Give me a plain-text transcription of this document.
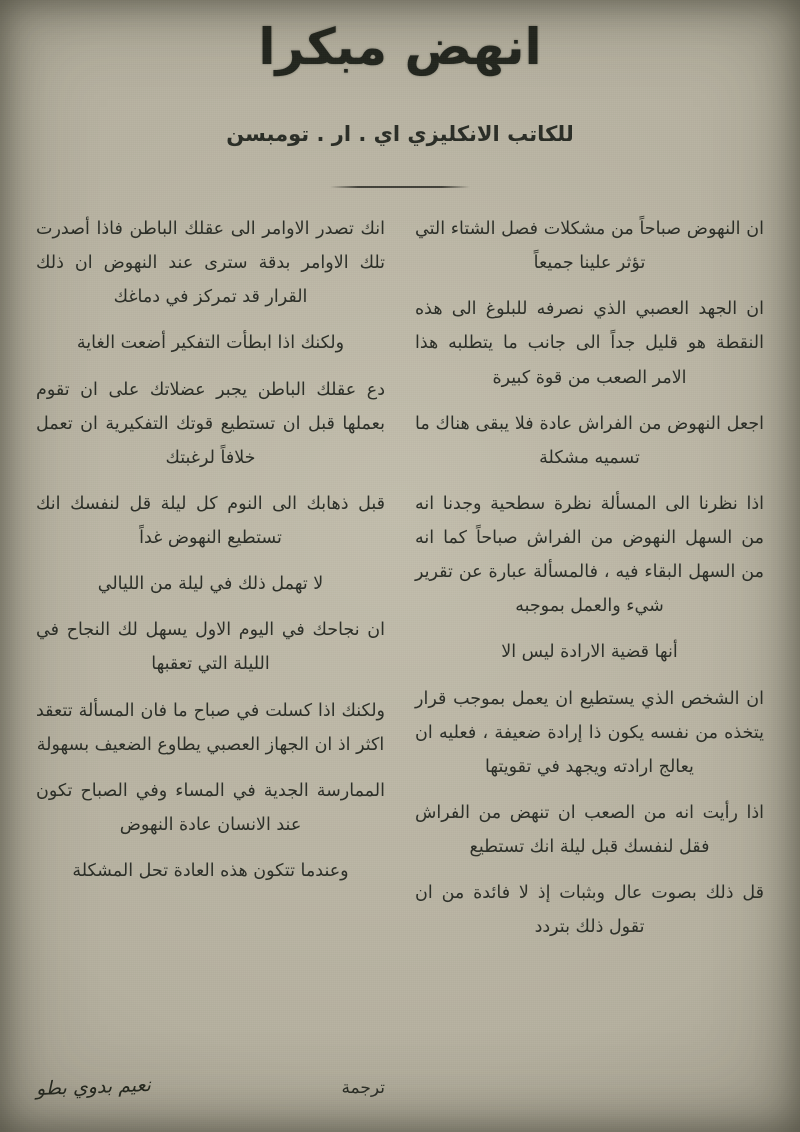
انهض مبكرا
للكاتب الانكليزي اي . ار . تومبسن

ان النهوض صباحاً من مشكلات فصل الشتاء التي تؤثر علينا جميعاً

ان الجهد العصبي الذي نصرفه للبلوغ الى هذه النقطة هو قليل جداً الى جانب ما يتطلبه هذا الامر الصعب من قوة كبيرة

اجعل النهوض من الفراش عادة فلا يبقى هناك ما تسميه مشكلة

اذا نظرنا الى المسألة نظرة سطحية وجدنا انه من السهل النهوض من الفراش صباحاً كما انه من السهل البقاء فيه ، فالمسألة عبارة عن تقرير شيء والعمل بموجبه

أنها قضية الارادة ليس الا

ان الشخص الذي يستطيع ان يعمل بموجب قرار يتخذه من نفسه يكون ذا إرادة ضعيفة ، فعليه ان يعالج ارادته ويجهد في تقويتها

اذا رأيت انه من الصعب ان تنهض من الفراش فقل لنفسك قبل ليلة انك تستطيع

قل ذلك بصوت عال وبثبات إذ لا فائدة من ان تقول ذلك بتردد

انك تصدر الاوامر الى عقلك الباطن فاذا أصدرت تلك الاوامر بدقة سترى عند النهوض ان ذلك القرار قد تمركز في دماغك

ولكنك اذا ابطأت التفكير أضعت الغاية

دع عقلك الباطن يجبر عضلاتك على ان تقوم بعملها قبل ان تستطيع قوتك التفكيرية ان تعمل خلافاً لرغبتك

قبل ذهابك الى النوم كل ليلة قل لنفسك انك تستطيع النهوض غداً

لا تهمل ذلك في ليلة من الليالي

ان نجاحك في اليوم الاول يسهل لك النجاح في الليلة التي تعقبها

ولكنك اذا كسلت في صباح ما فان المسألة تتعقد اكثر اذ ان الجهاز العصبي يطاوع الضعيف بسهولة

الممارسة الجدية في المساء وفي الصباح تكون عند الانسان عادة النهوض

وعندما تتكون هذه العادة تحل المشكلة

ترجمة
نعيم بدوي بطو
